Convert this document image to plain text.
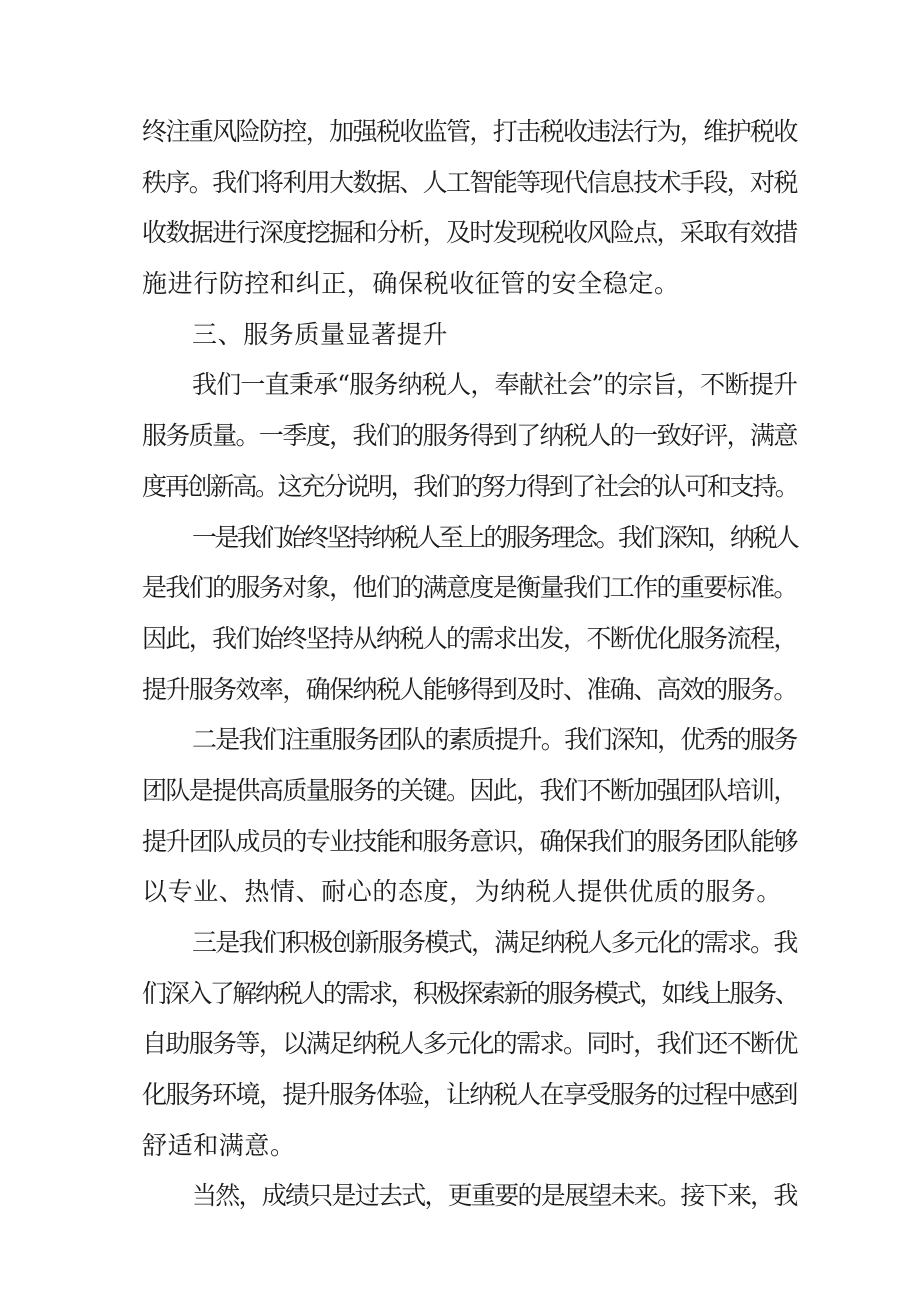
终注重风险防控，加强税收监管，打击税收违法行为，维护税收
秩序。我们将利用大数据、人工智能等现代信息技术手段，对税
收数据进行深度挖掘和分析，及时发现税收风险点，采取有效措
施进行防控和纠正，确保税收征管的安全稳定。
三、服务质量显著提升
我们一直秉承“服务纳税人，奉献社会”的宗旨，不断提升
服务质量。一季度，我们的服务得到了纳税人的一致好评，满意
度再创新高。这充分说明，我们的努力得到了社会的认可和支持。
一是我们始终坚持纳税人至上的服务理念。我们深知，纳税人
是我们的服务对象，他们的满意度是衡量我们工作的重要标准。
因此，我们始终坚持从纳税人的需求出发，不断优化服务流程，
提升服务效率，确保纳税人能够得到及时、准确、高效的服务。
二是我们注重服务团队的素质提升。我们深知，优秀的服务
团队是提供高质量服务的关键。因此，我们不断加强团队培训，
提升团队成员的专业技能和服务意识，确保我们的服务团队能够
以专业、热情、耐心的态度，为纳税人提供优质的服务。
三是我们积极创新服务模式，满足纳税人多元化的需求。我
们深入了解纳税人的需求，积极探索新的服务模式，如线上服务、
自助服务等，以满足纳税人多元化的需求。同时，我们还不断优
化服务环境，提升服务体验，让纳税人在享受服务的过程中感到
舒适和满意。
当然，成绩只是过去式，更重要的是展望未来。接下来，我
